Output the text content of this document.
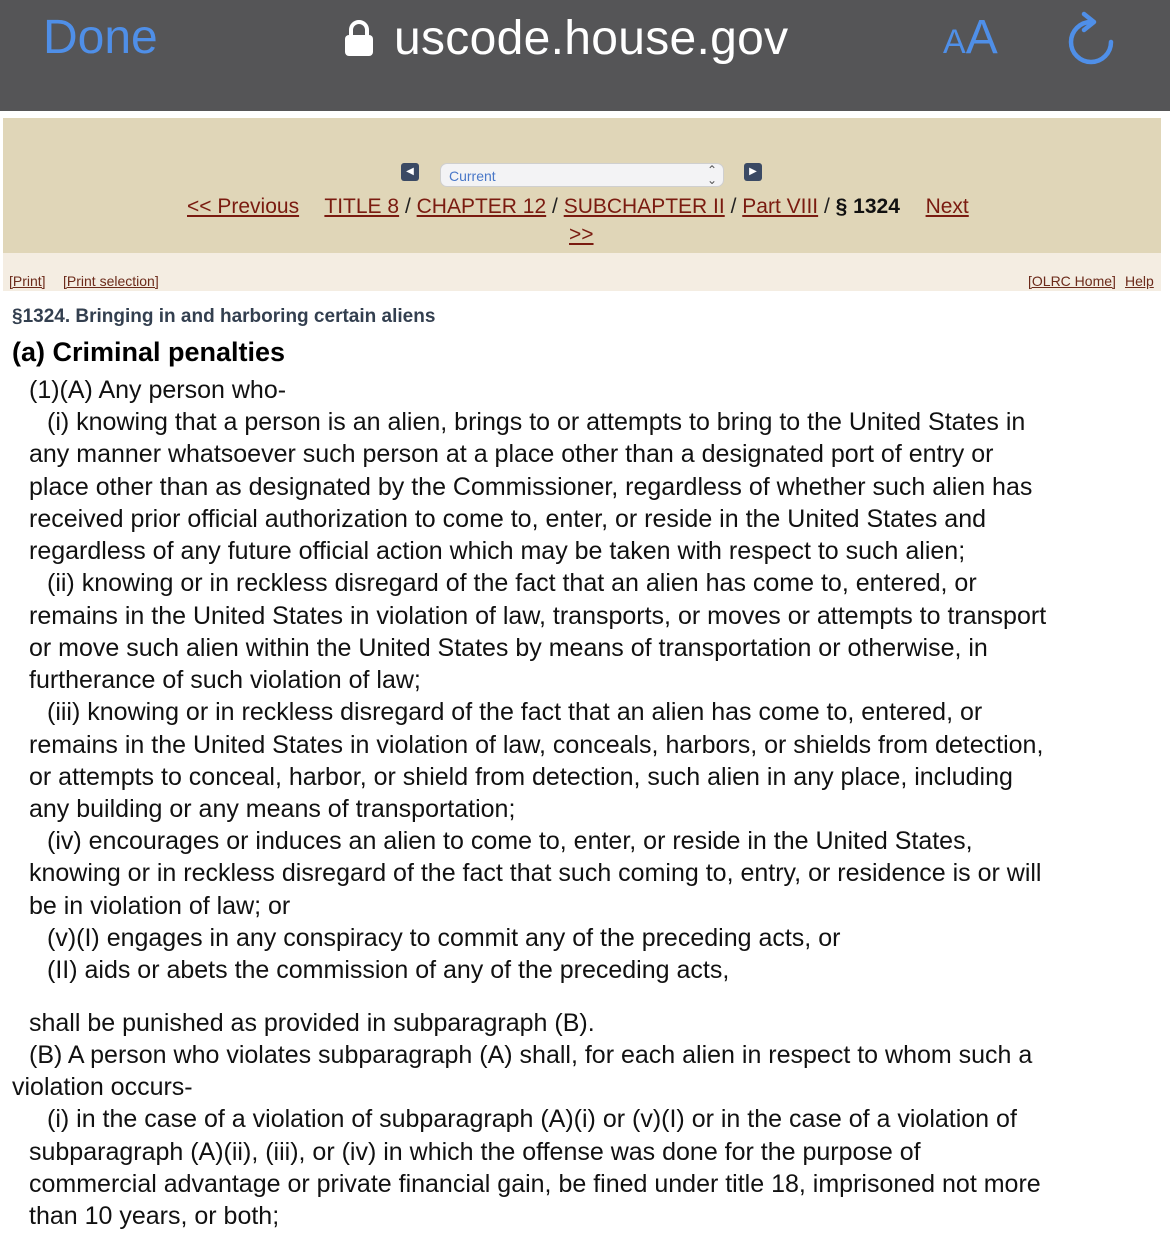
Done	uscode.house.gov	AA
◀	Current	⌃
⌄
▶
<< Previous TITLE 8 / CHAPTER 12 / SUBCHAPTER II / Part VIII / § 1324 Next
>>
[Print] [Print selection]	[OLRC Home] Help
§1324. Bringing in and harboring certain aliens
(a) Criminal penalties
(1)(A) Any person who-
(i) knowing that a person is an alien, brings to or attempts to bring to the United States in
any manner whatsoever such person at a place other than a designated port of entry or
place other than as designated by the Commissioner, regardless of whether such alien has
received prior official authorization to come to, enter, or reside in the United States and
regardless of any future official action which may be taken with respect to such alien;
(ii) knowing or in reckless disregard of the fact that an alien has come to, entered, or
remains in the United States in violation of law, transports, or moves or attempts to transport
or move such alien within the United States by means of transportation or otherwise, in
furtherance of such violation of law;
(iii) knowing or in reckless disregard of the fact that an alien has come to, entered, or
remains in the United States in violation of law, conceals, harbors, or shields from detection,
or attempts to conceal, harbor, or shield from detection, such alien in any place, including
any building or any means of transportation;
(iv) encourages or induces an alien to come to, enter, or reside in the United States,
knowing or in reckless disregard of the fact that such coming to, entry, or residence is or will
be in violation of law; or
(v)(I) engages in any conspiracy to commit any of the preceding acts, or
(II) aids or abets the commission of any of the preceding acts,
shall be punished as provided in subparagraph (B).
(B) A person who violates subparagraph (A) shall, for each alien in respect to whom such a
violation occurs-
(i) in the case of a violation of subparagraph (A)(i) or (v)(I) or in the case of a violation of
subparagraph (A)(ii), (iii), or (iv) in which the offense was done for the purpose of
commercial advantage or private financial gain, be fined under title 18, imprisoned not more
than 10 years, or both;
